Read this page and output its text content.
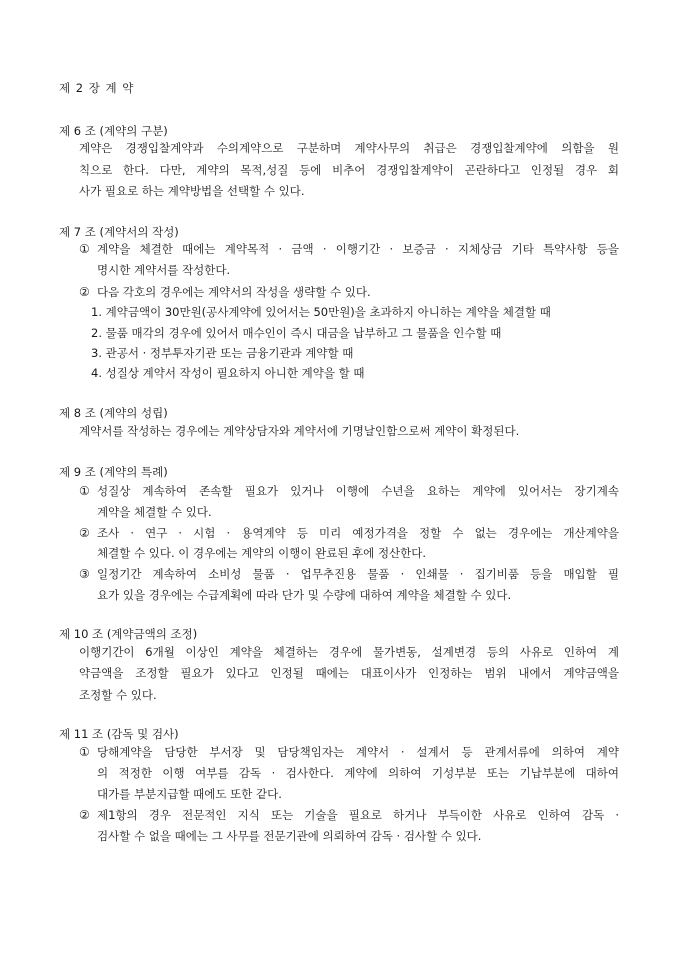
제 2 장 계 약
제 6 조 (계약의 구분)
계약은 경쟁입찰계약과 수의계약으로 구분하며 계약사무의 취급은 경쟁입찰계약에 의함을 원
칙으로 한다. 다만, 계약의 목적,성질 등에 비추어 경쟁입찰계약이 곤란하다고 인정될 경우 회
사가 필요로 하는 계약방법을 선택할 수 있다.
제 7 조 (계약서의 작성)
① 계약을 체결한 때에는 계약목적 · 금액 · 이행기간 · 보증금 · 지체상금 기타 특약사항 등을
명시한 계약서를 작성한다.
② 다음 각호의 경우에는 계약서의 작성을 생략할 수 있다.
1. 계약금액이 30만원(공사계약에 있어서는 50만원)을 초과하지 아니하는 계약을 체결할 때
2. 물품 매각의 경우에 있어서 매수인이 즉시 대금을 납부하고 그 물품을 인수할 때
3. 관공서 · 정부투자기관 또는 금융기관과 계약할 때
4. 성질상 계약서 작성이 필요하지 아니한 계약을 할 때
제 8 조 (계약의 성립)
계약서를 작성하는 경우에는 계약상담자와 계약서에 기명날인함으로써 계약이 확정된다.
제 9 조 (계약의 특례)
① 성질상 계속하여 존속할 필요가 있거나 이행에 수년을 요하는 계약에 있어서는 장기계속
계약을 체결할 수 있다.
② 조사 · 연구 · 시험 · 용역계약 등 미리 예정가격을 정할 수 없는 경우에는 개산계약을
체결할 수 있다. 이 경우에는 계약의 이행이 완료된 후에 정산한다.
③ 일정기간 계속하여 소비성 물품 · 업무추진용 물품 · 인쇄물 · 집기비품 등을 매입할 필
요가 있을 경우에는 수급계획에 따라 단가 및 수량에 대하여 계약을 체결할 수 있다.
제 10 조 (계약금액의 조정)
이행기간이 6개월 이상인 계약을 체결하는 경우에 물가변동, 설계변경 등의 사유로 인하여 계
약금액을 조정할 필요가 있다고 인정될 때에는 대표이사가 인정하는 범위 내에서 계약금액을
조정할 수 있다.
제 11 조 (감독 및 검사)
① 당해계약을 담당한 부서장 및 담당책임자는 계약서 · 설계서 등 관계서류에 의하여 계약
의 적정한 이행 여부를 감독 · 검사한다. 계약에 의하여 기성부분 또는 기납부분에 대하여
대가를 부분지급할 때에도 또한 같다.
② 제1항의 경우 전문적인 지식 또는 기술을 필요로 하거나 부득이한 사유로 인하여 감독 ·
검사할 수 없을 때에는 그 사무를 전문기관에 의뢰하여 감독 · 검사할 수 있다.
